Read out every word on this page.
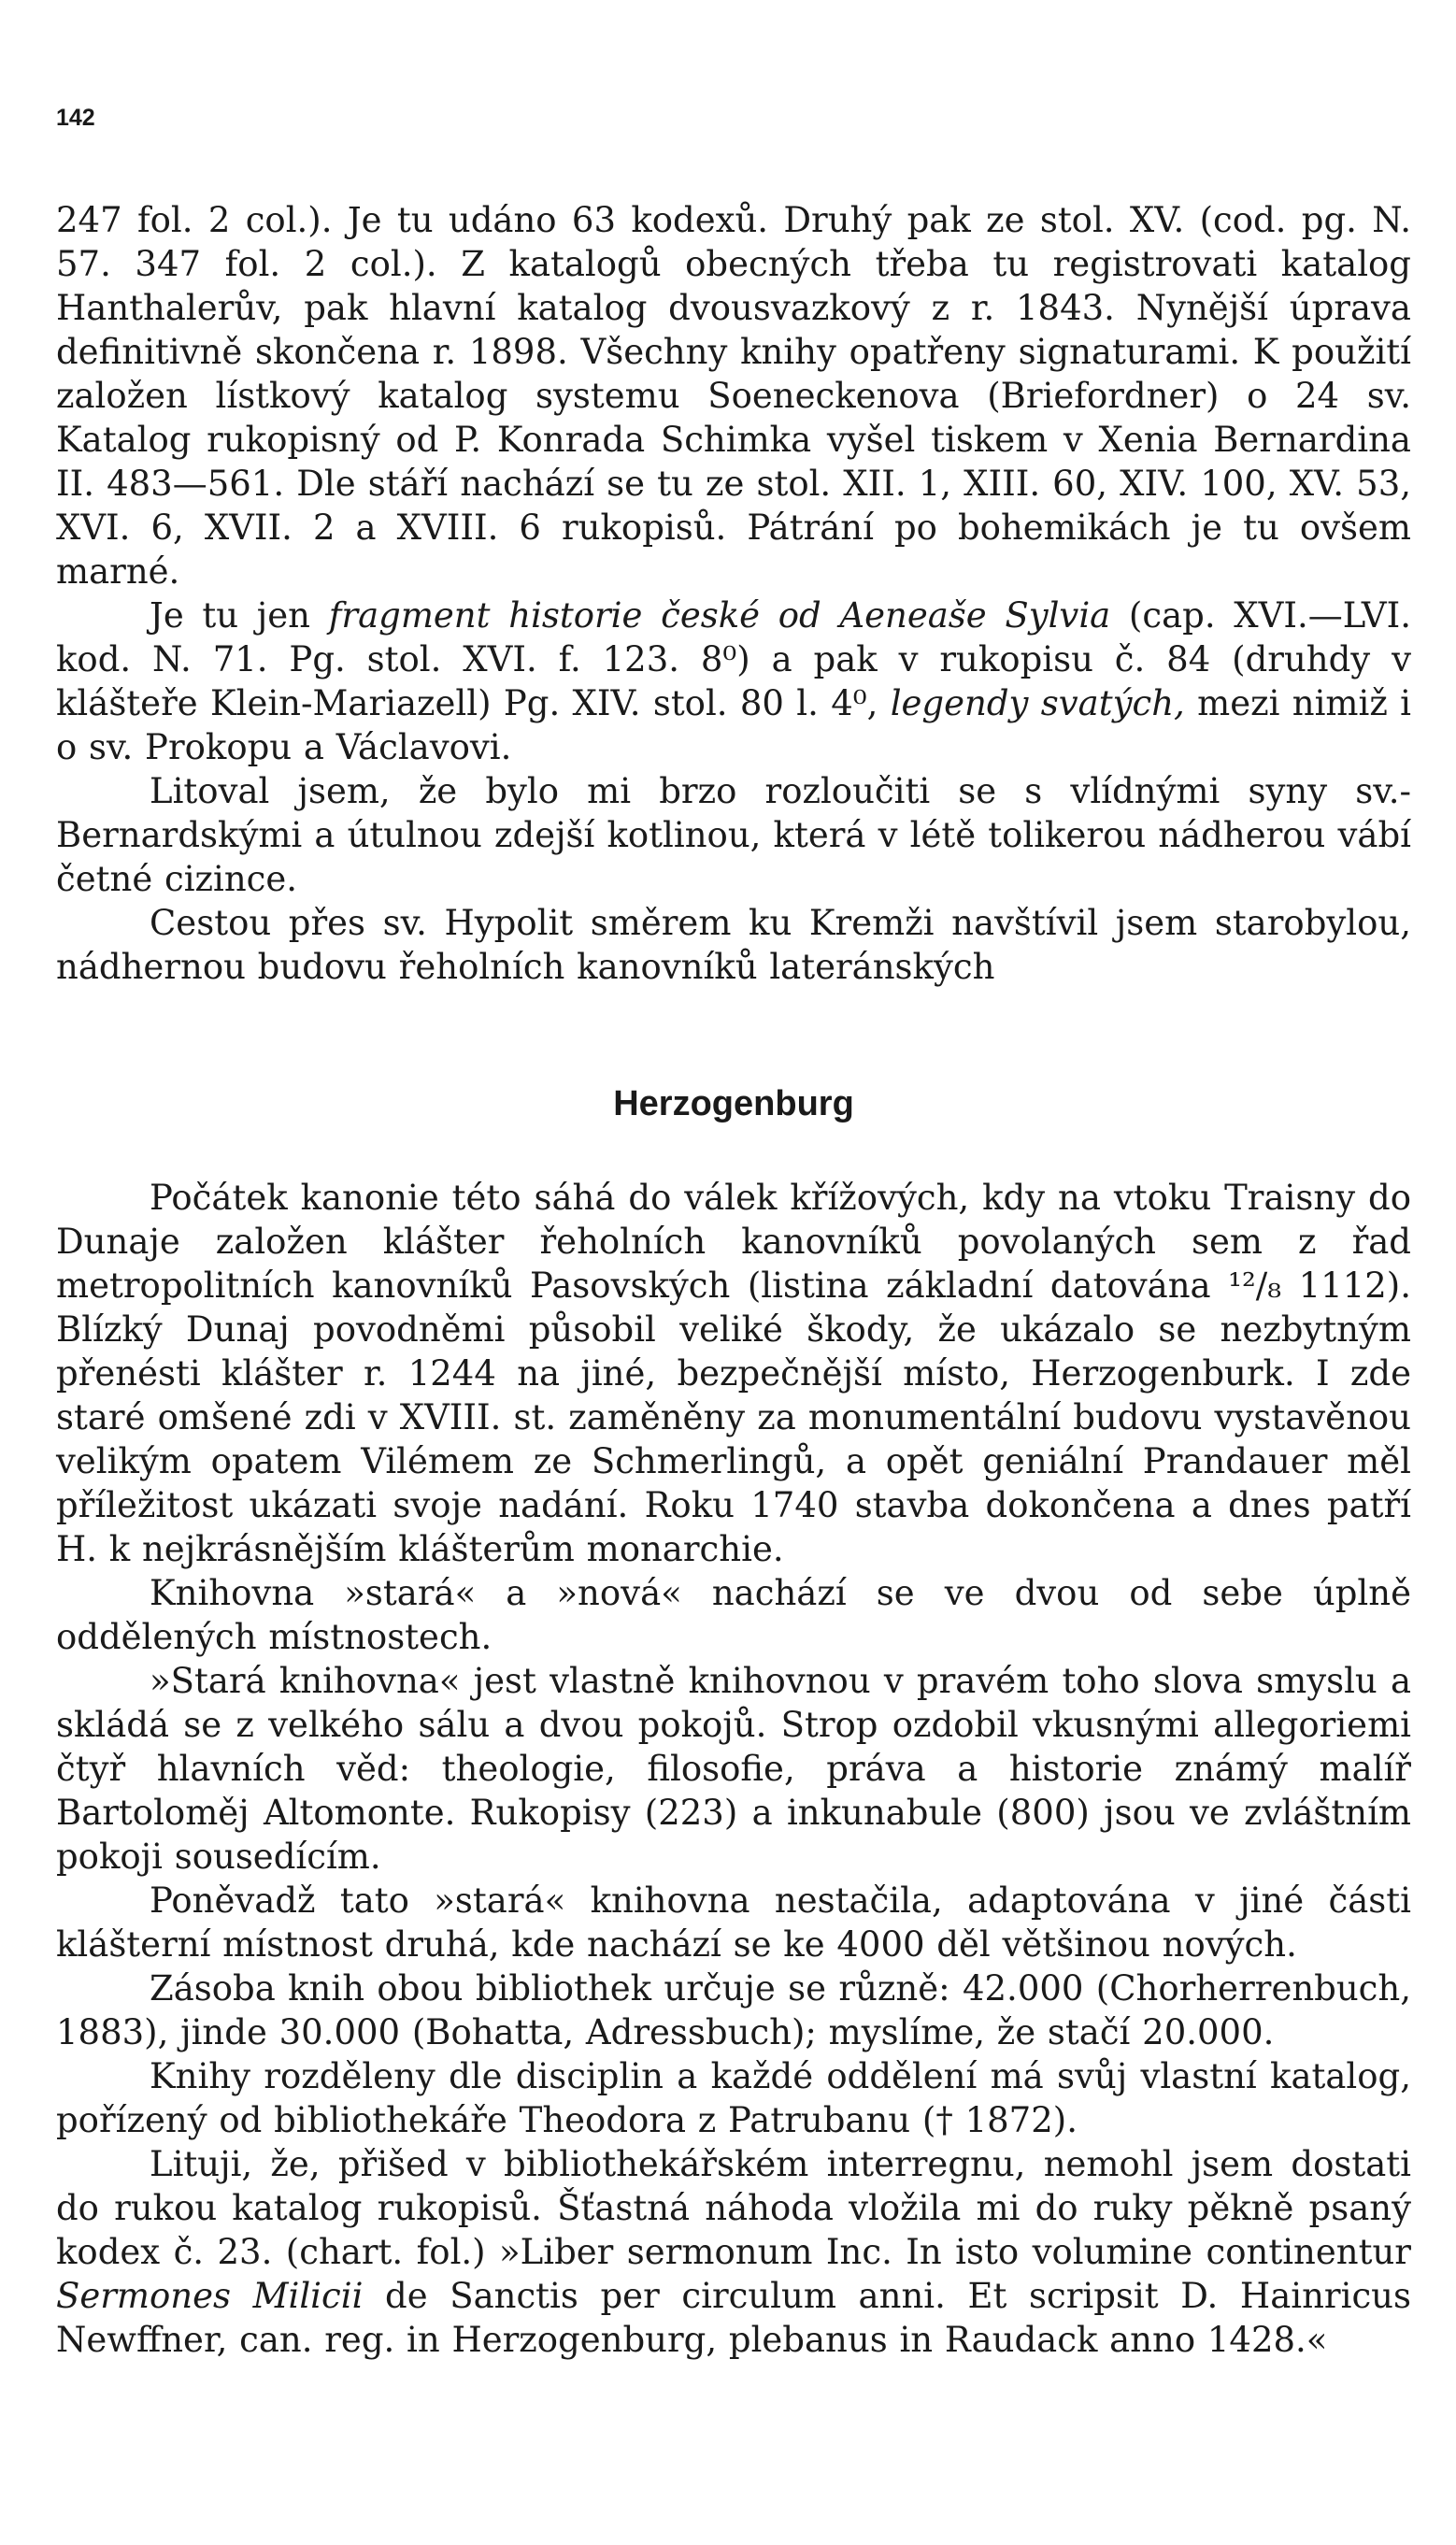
142

247 fol. 2 col.). Je tu udáno 63 kodexů. Druhý pak ze stol. XV. (cod. pg. N. 57. 347 fol. 2 col.). Z katalogů obecných třeba tu registrovati katalog Hanthalerův, pak hlavní katalog dvousvazkový z r. 1843. Nynější úprava definitivně skončena r. 1898. Všechny knihy opatřeny signaturami. K použití založen lístkový katalog systemu Soeneckenova (Briefordner) o 24 sv. Katalog rukopisný od P. Konrada Schimka vyšel tiskem v Xenia Bernardina II. 483—561. Dle stáří nachází se tu ze stol. XII. 1, XIII. 60, XIV. 100, XV. 53, XVI. 6, XVII. 2 a XVIII. 6 rukopisů. Pátrání po bohemikách je tu ovšem marné.

Je tu jen fragment historie české od Aeneaše Sylvia (cap. XVI.—LVI. kod. N. 71. Pg. stol. XVI. f. 123. 8⁰) a pak v rukopisu č. 84 (druhdy v klášteře Klein-Mariazell) Pg. XIV. stol. 80 l. 4⁰, legendy svatých, mezi nimiž i o sv. Prokopu a Václavovi.

Litoval jsem, že bylo mi brzo rozloučiti se s vlídnými syny sv.-Bernardskými a útulnou zdejší kotlinou, která v létě tolikerou nádherou vábí četné cizince.

Cestou přes sv. Hypolit směrem ku Kremži navštívil jsem starobylou, nádhernou budovu řeholních kanovníků lateránských

Herzogenburg

Počátek kanonie této sáhá do válek křížových, kdy na vtoku Traisny do Dunaje založen klášter řeholních kanovníků povolaných sem z řad metropolitních kanovníků Pasovských (listina základní datována ¹²/₈ 1112). Blízký Dunaj povodněmi působil veliké škody, že ukázalo se nezbytným přenésti klášter r. 1244 na jiné, bezpečnější místo, Herzogenburk. I zde staré omšené zdi v XVIII. st. zaměněny za monumentální budovu vystavěnou velikým opatem Vilémem ze Schmerlingů, a opět geniální Prandauer měl příležitost ukázati svoje nadání. Roku 1740 stavba dokončena a dnes patří H. k nejkrásnějším klášterům monarchie.

Knihovna »stará« a »nová« nachází se ve dvou od sebe úplně oddělených místnostech.

»Stará knihovna« jest vlastně knihovnou v pravém toho slova smyslu a skládá se z velkého sálu a dvou pokojů. Strop ozdobil vkusnými allegoriemi čtyř hlavních věd: theologie, filosofie, práva a historie známý malíř Bartoloměj Altomonte. Rukopisy (223) a inkunabule (800) jsou ve zvláštním pokoji sousedícím.

Poněvadž tato »stará« knihovna nestačila, adaptována v jiné části klášterní místnost druhá, kde nachází se ke 4000 děl většinou nových.

Zásoba knih obou bibliothek určuje se různě: 42.000 (Chorherrenbuch, 1883), jinde 30.000 (Bohatta, Adressbuch); myslíme, že stačí 20.000.

Knihy rozděleny dle disciplin a každé oddělení má svůj vlastní katalog, pořízený od bibliothekáře Theodora z Patrubanu († 1872).

Lituji, že, přišed v bibliothekářském interregnu, nemohl jsem dostati do rukou katalog rukopisů. Šťastná náhoda vložila mi do ruky pěkně psaný kodex č. 23. (chart. fol.) »Liber sermonum Inc. In isto volumine continentur Sermones Milicii de Sanctis per circulum anni. Et scripsit D. Hainricus Newffner, can. reg. in Herzogenburg, plebanus in Raudack anno 1428.«
